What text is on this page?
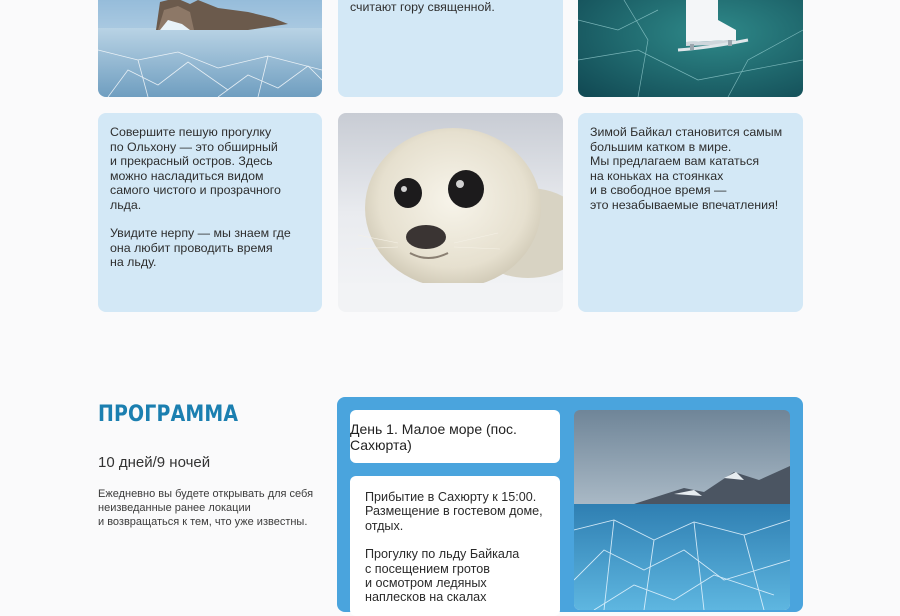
считают гору священной.

Совершите пешую прогулку
по Ольхону — это обширный
и прекрасный остров. Здесь
можно насладиться видом
самого чистого и прозрачного
льда.

Увидите нерпу — мы знаем где
она любит проводить время
на льду.

Зимой Байкал становится самым
большим катком в мире.
Мы предлагаем вам кататься
на коньках на стоянках
и в свободное время —
это незабываемые впечатления!

ПРОГРАММА
10 дней/9 ночей

Ежедневно вы будете открывать для себя
неизведанные ранее локации
и возвращаться к тем, что уже известны.

День 1. Малое море (пос. Сахюрта)

Прибытие в Сахюрту к 15:00.
Размещение в гостевом доме,
отдых.

Прогулку по льду Байкала
с посещением гротов
и осмотром ледяных
наплесков на скалах
